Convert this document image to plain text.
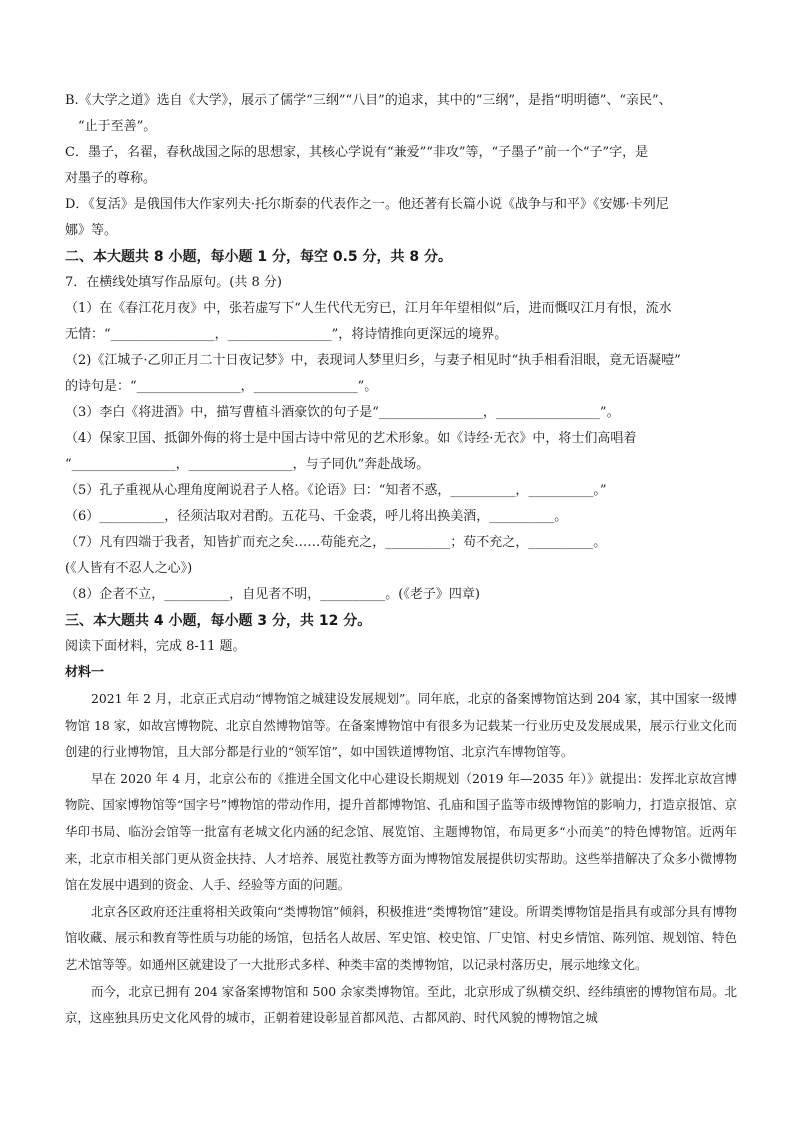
B.《大学之道》选自《大学》，展示了儒学“三纲”“八目”的追求，其中的“三纲”，是指“明明德”、“亲民”、
“止于至善”。
C．墨子，名翟，春秋战国之际的思想家，其核心学说有“兼爱”“非攻”等，“子墨子”前一个“子”字，是
对墨子的尊称。
D．《复活》是俄国伟大作家列夫·托尔斯泰的代表作之一。他还著有长篇小说《战争与和平》《安娜·卡列尼
娜》等。
二、本大题共 8 小题，每小题 1 分，每空 0.5 分，共 8 分。
7．在横线处填写作品原句。(共 8 分)
（1）在《春江花月夜》中，张若虚写下“人生代代无穷已，江月年年望相似”后，进而慨叹江月有恨，流水
无情：“________________，________________”，将诗情推向更深远的境界。
（2)《江城子·乙卯正月二十日夜记梦》中，表现词人梦里归乡，与妻子相见时“执手相看泪眼，竟无语凝噎”
的诗句是：“________________，________________”。
（3）李白《将进酒》中，描写曹植斗酒豪饮的句子是“________________，________________”。
（4）保家卫国、抵御外侮的将士是中国古诗中常见的艺术形象。如《诗经·无衣》中，将士们高唱着
“________________，________________，与子同仇”奔赴战场。
（5）孔子重视从心理角度阐说君子人格。《论语》曰：“知者不惑，__________，__________。”
（6）__________，径须沽取对君酌。五花马、千金裘，呼儿将出换美酒，__________。
（7）凡有四端于我者，知皆扩而充之矣……苟能充之，__________；苟不充之，__________。
(《人皆有不忍人之心》)
（8）企者不立，__________，自见者不明，__________。(《老子》四章)
三、本大题共 4 小题，每小题 3 分，共 12 分。
阅读下面材料，完成 8-11 题。
材料一
2021 年 2 月，北京正式启动“博物馆之城建设发展规划”。同年底，北京的备案博物馆达到 204 家，其中国家一级博物馆 18 家，如故宫博物院、北京自然博物馆等。在备案博物馆中有很多为记载某一行业历史及发展成果，展示行业文化而创建的行业博物馆，且大部分都是行业的“领军馆”，如中国铁道博物馆、北京汽车博物馆等。
早在 2020 年 4 月，北京公布的《推进全国文化中心建设长期规划（2019 年—2035 年）》就提出：发挥北京故宫博物院、国家博物馆等“国字号”博物馆的带动作用，提升首都博物馆、孔庙和国子监等市级博物馆的影响力，打造京报馆、京华印书局、临汾会馆等一批富有老城文化内涵的纪念馆、展览馆、主题博物馆，布局更多“小而美”的特色博物馆。近两年来，北京市相关部门更从资金扶持、人才培养、展览社教等方面为博物馆发展提供切实帮助。这些举措解决了众多小微博物馆在发展中遇到的资金、人手、经验等方面的问题。
北京各区政府还注重将相关政策向“类博物馆”倾斜，积极推进“类博物馆”建设。所谓类博物馆是指具有或部分具有博物馆收藏、展示和教育等性质与功能的场馆，包括名人故居、军史馆、校史馆、厂史馆、村史乡情馆、陈列馆、规划馆、特色艺术馆等等。如通州区就建设了一大批形式多样、种类丰富的类博物馆，以记录村落历史，展示地缘文化。
而今，北京已拥有 204 家备案博物馆和 500 余家类博物馆。至此，北京形成了纵横交织、经纬缜密的博物馆布局。北京，这座独具历史文化风骨的城市，正朝着建设彰显首都风范、古都风韵、时代风貌的博物馆之城
